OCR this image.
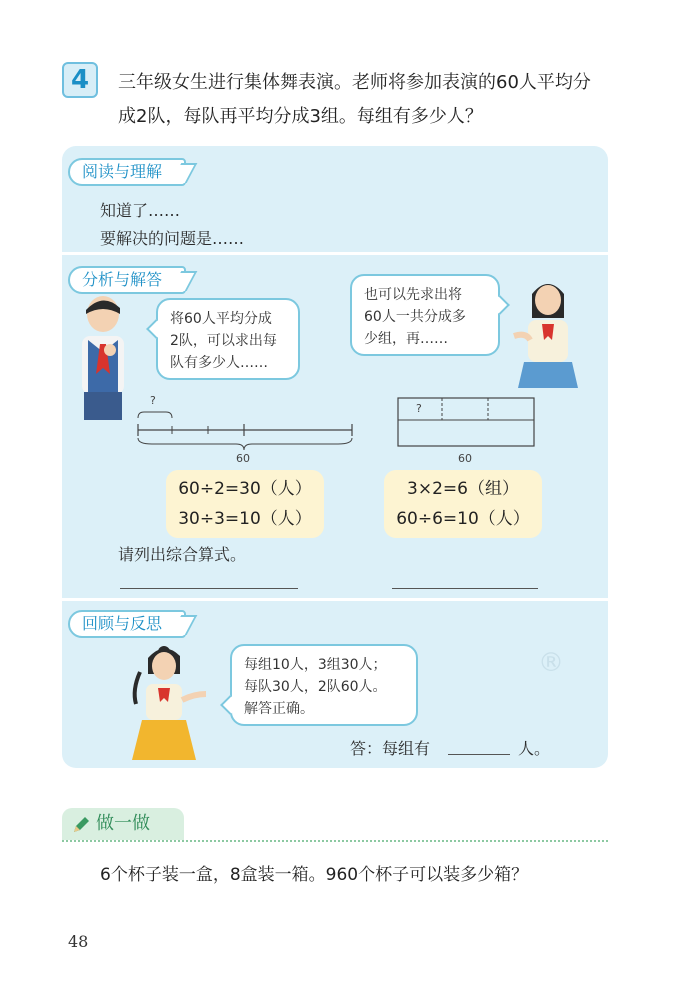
4	三年级女生进行集体舞表演。老师将参加表演的60人平均分
成2队，每队再平均分成3组。每组有多少人？
阅读与理解
知道了……
要解决的问题是……
分析与解答
将60人平均分成
2队，可以求出每
队有多少人……
也可以先求出将
60人一共分成多
少组，再……
?
60
?
60
60÷2=30（人）
30÷3=10（人）
3×2=6（组）
60÷6=10（人）
请列出综合算式。
回顾与反思
每组10人，3组30人；
每队30人，2队60人。
解答正确。
答：每组有	人。
®
做一做
6个杯子装一盒，8盒装一箱。960个杯子可以装多少箱？
48
